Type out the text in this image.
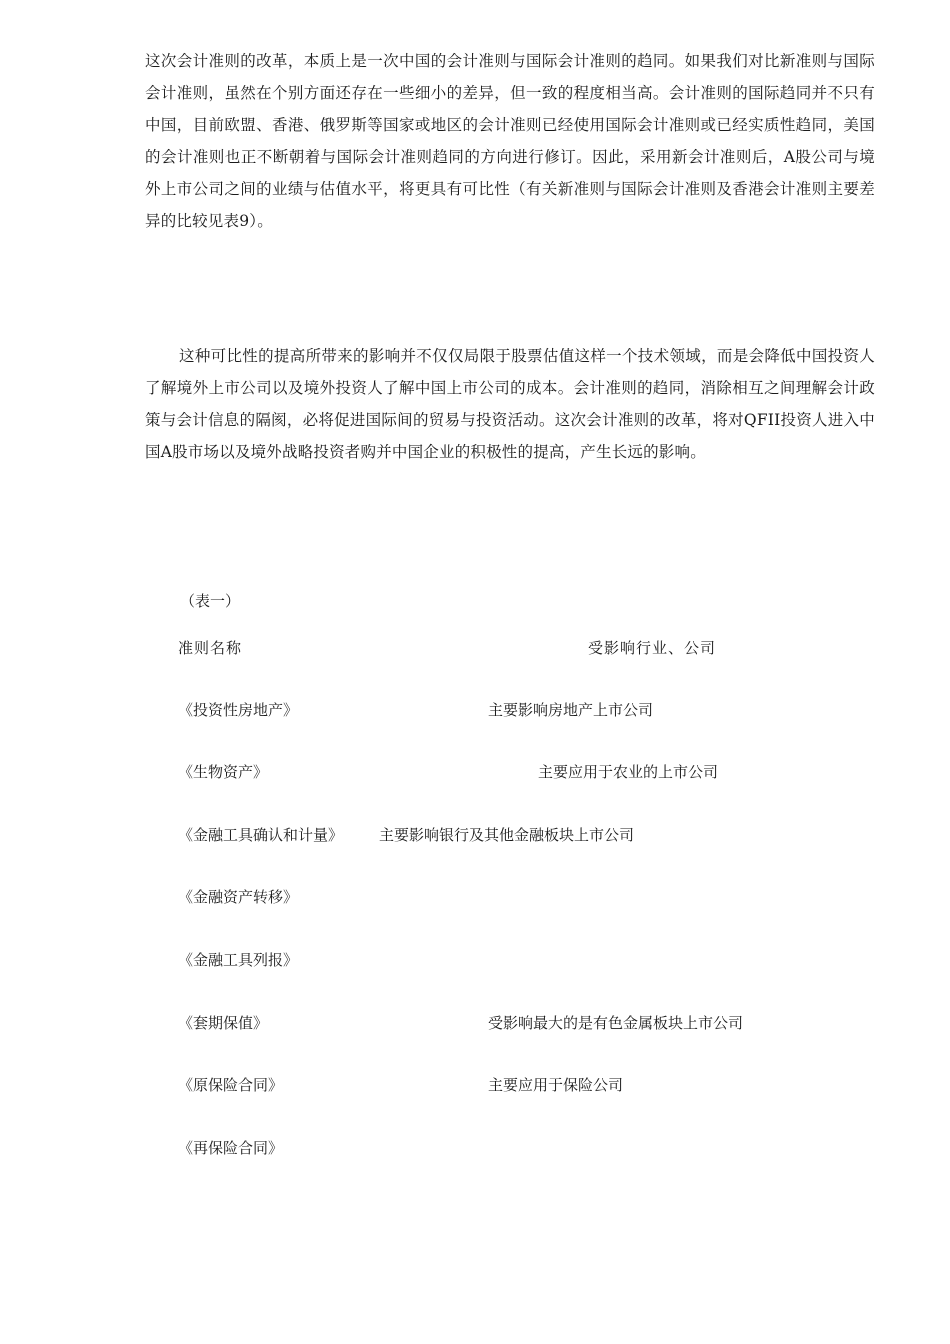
这次会计准则的改革，本质上是一次中国的会计准则与国际会计准则的趋同。如果我们对比新准则与国际会计准则，虽然在个别方面还存在一些细小的差异，但一致的程度相当高。会计准则的国际趋同并不只有中国，目前欧盟、香港、俄罗斯等国家或地区的会计准则已经使用国际会计准则或已经实质性趋同，美国的会计准则也正不断朝着与国际会计准则趋同的方向进行修订。因此，采用新会计准则后，A股公司与境外上市公司之间的业绩与估值水平，将更具有可比性（有关新准则与国际会计准则及香港会计准则主要差异的比较见表9）。

这种可比性的提高所带来的影响并不仅仅局限于股票估值这样一个技术领域，而是会降低中国投资人了解境外上市公司以及境外投资人了解中国上市公司的成本。会计准则的趋同，消除相互之间理解会计政策与会计信息的隔阂，必将促进国际间的贸易与投资活动。这次会计准则的改革，将对QFII投资人进入中国A股市场以及境外战略投资者购并中国企业的积极性的提高，产生长远的影响。

（表一）
准则名称	受影响行业、公司
《投资性房地产》	主要影响房地产上市公司
《生物资产》	主要应用于农业的上市公司
《金融工具确认和计量》 主要影响银行及其他金融板块上市公司
《金融资产转移》
《金融工具列报》
《套期保值》	受影响最大的是有色金属板块上市公司
《原保险合同》	主要应用于保险公司
《再保险合同》
